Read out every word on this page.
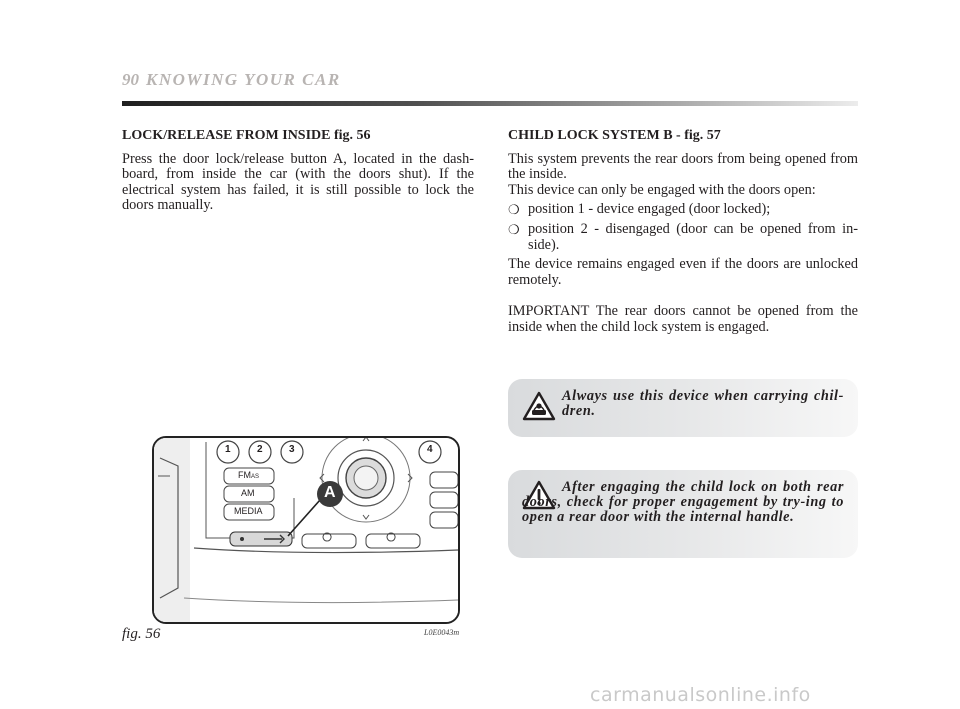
90 KNOWING YOUR CAR

LOCK/RELEASE FROM INSIDE fig. 56

Press the door lock/release button A, located in the dash-board, from inside the car (with the doors shut). If the electrical system has failed, it is still possible to lock the doors manually.

CHILD LOCK SYSTEM B - fig. 57

This system prevents the rear doors from being opened from the inside.

This device can only be engaged with the doors open:

❍ position 1 - device engaged (door locked);
❍ position 2 - disengaged (door can be opened from in-side).

The device remains engaged even if the doors are unlocked remotely.

IMPORTANT The rear doors cannot be opened from the inside when the child lock system is engaged.

Always use this device when carrying chil-dren.
After engaging the child lock on both rear doors, check for proper engagement by try-ing to open a rear door with the internal handle.
1	2	3	4
FMAS
AM
MEDIA
A
fig. 56	L0E0043m
carmanualsonline.info
